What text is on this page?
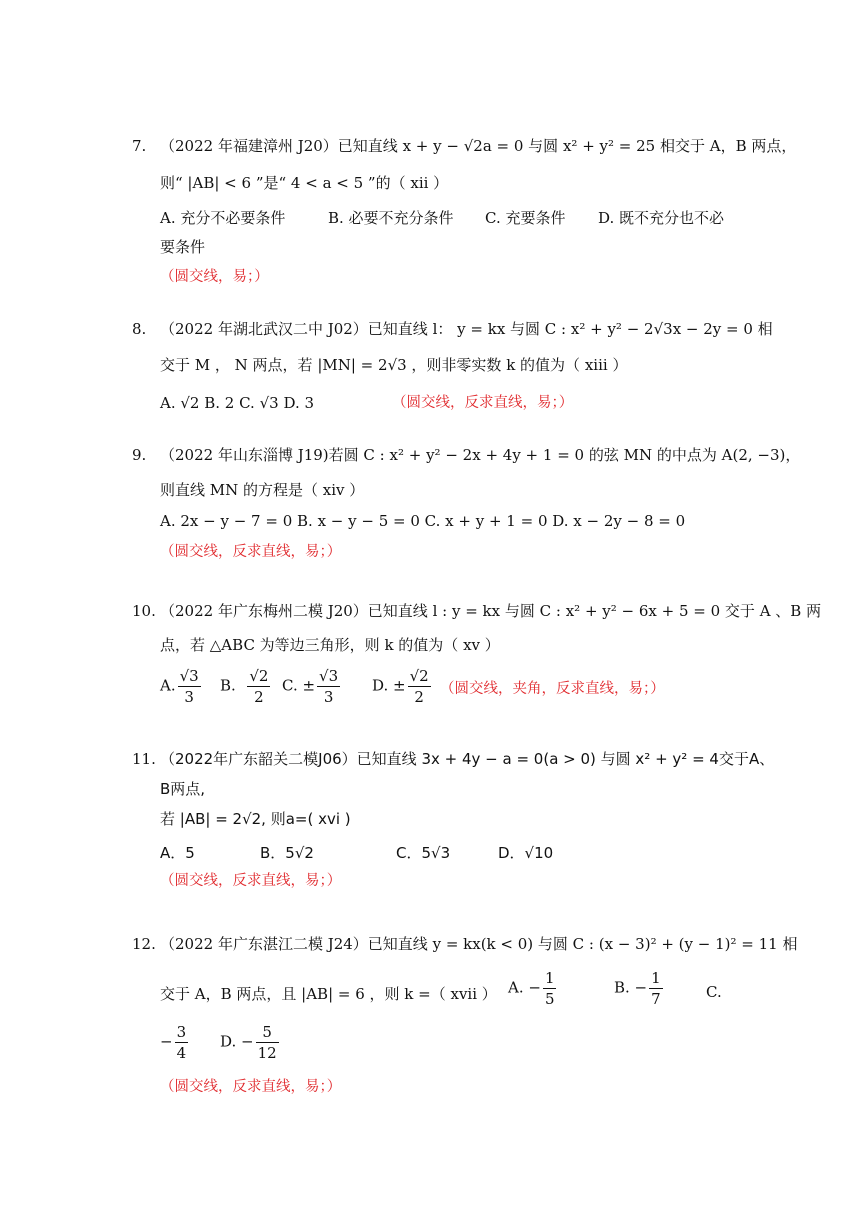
7. （2022 年福建漳州 J20）已知直线 x + y − √2a = 0 与圆 x² + y² = 25 相交于 A，B 两点，
则“ |AB| < 6 ”是“ 4 < a < 5 ”的（ xii ）
A. 充分不必要条件	B. 必要不充分条件 C. 充要条件 D. 既不充分也不必
要条件
（圆交线，易；）
8. （2022 年湖北武汉二中 J02）已知直线 l： y = kx 与圆 C : x² + y² − 2√3x − 2y = 0 相
交于 M ， N 两点，若 |MN| = 2√3 ，则非零实数 k 的值为（ xiii ）
A. √2 B. 2 C. √3 D. 3	（圆交线，反求直线，易；）
9. （2022 年山东淄博 J19)若圆 C : x² + y² − 2x + 4y + 1 = 0 的弦 MN 的中点为 A(2, −3)，
则直线 MN 的方程是（ xiv ）
A. 2x − y − 7 = 0 B. x − y − 5 = 0 C. x + y + 1 = 0 D. x − 2y − 8 = 0
（圆交线，反求直线，易；）
10. （2022 年广东梅州二模 J20）已知直线 l : y = kx 与圆 C : x² + y² − 6x + 5 = 0 交于 A 、B 两
点，若 △ABC 为等边三角形，则 k 的值为（ xv ）
A. $\frac{√3}{3} B$. $\frac{√2}{2} C$. ± $\frac{√3}{3} D$. ± $\frac{√2}{2}$ （圆交线，夹角，反求直线，易；）
11. （2022年广东韶关二模J06）已知直线 3x + 4y − a = 0(a > 0) 与圆 x² + y² = 4交于A、
B两点,
若 |AB| = 2√2, 则a=( xvi )
A．5	B．5√2	C．5√3	D．√10
（圆交线，反求直线，易；）
12. （2022 年广东湛江二模 J24）已知直线 y = kx(k < 0) 与圆 C : (x − 3)² + (y − 1)² = 11 相
交于 A，B 两点，且 |AB| = 6 ，则 k =（ xvii ） A. − $\frac{1}{5}$	B. − $\frac{1}{7}$	C.
− $\frac{3}{4} D$. − $\frac{5}{12}$
（圆交线，反求直线，易；）
